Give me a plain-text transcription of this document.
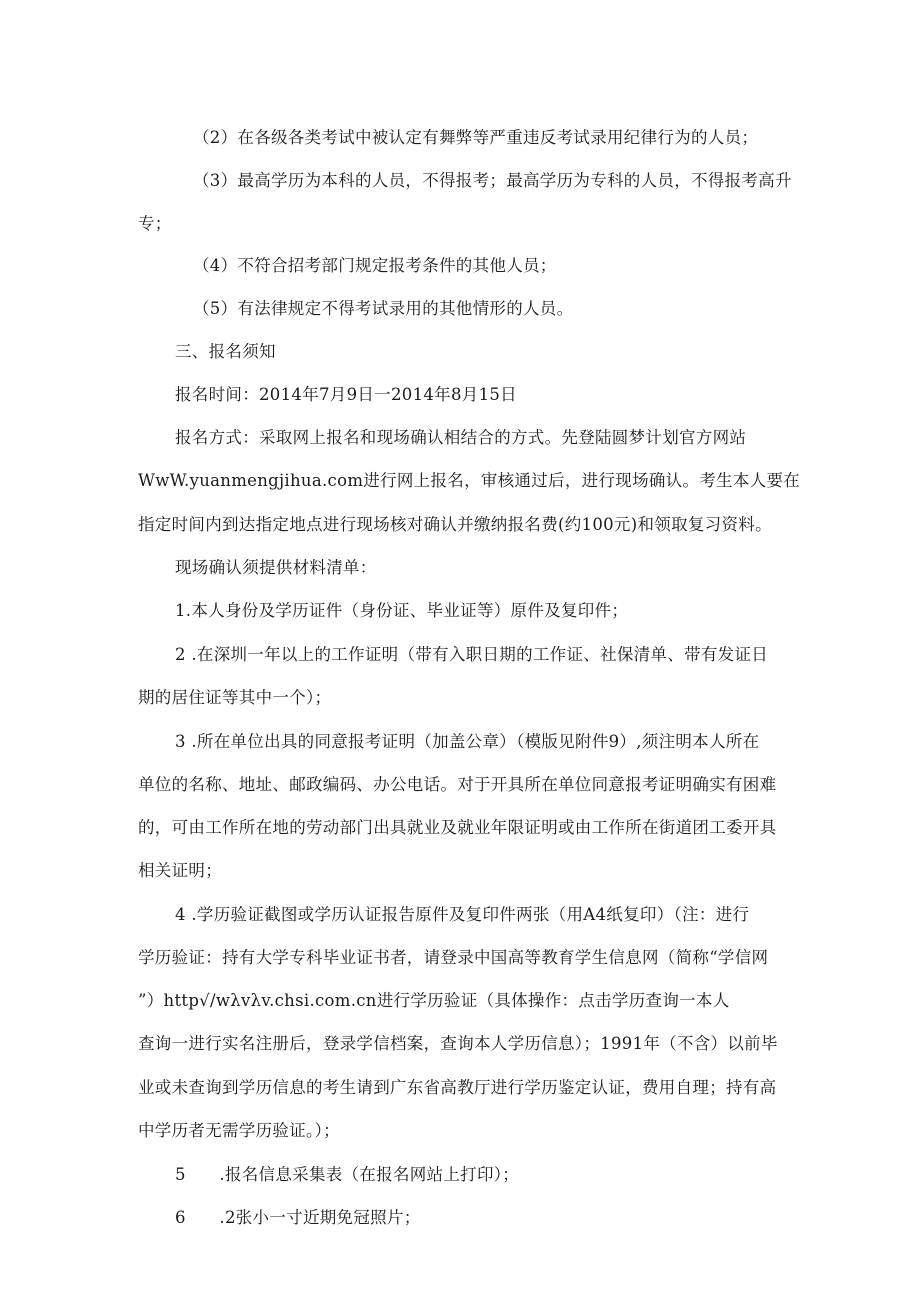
（2）在各级各类考试中被认定有舞弊等严重违反考试录用纪律行为的人员；
（3）最高学历为本科的人员，不得报考；最高学历为专科的人员，不得报考高升
专；
（4）不符合招考部门规定报考条件的其他人员；
（5）有法律规定不得考试录用的其他情形的人员。
三、报名须知
报名时间：2014年7月9日一2014年8月15日
报名方式：采取网上报名和现场确认相结合的方式。先登陆圆梦计划官方网站
WwW.yuanmengjihua.com进行网上报名，审核通过后，进行现场确认。考生本人要在
指定时间内到达指定地点进行现场核对确认并缴纳报名费(约100元)和领取复习资料。
现场确认须提供材料清单：
1.本人身份及学历证件（身份证、毕业证等）原件及复印件；
2 .在深圳一年以上的工作证明（带有入职日期的工作证、社保清单、带有发证日
期的居住证等其中一个）；
3 .所在单位出具的同意报考证明（加盖公章）（模版见附件9）,须注明本人所在
单位的名称、地址、邮政编码、办公电话。对于开具所在单位同意报考证明确实有困难
的，可由工作所在地的劳动部门出具就业及就业年限证明或由工作所在街道团工委开具
相关证明；
4 .学历验证截图或学历认证报告原件及复印件两张（用A4纸复印）（注：进行
学历验证：持有大学专科毕业证书者，请登录中国高等教育学生信息网（简称“学信网
”）http√/wλvλv.chsi.com.cn进行学历验证（具体操作：点击学历查询一本人
查询一进行实名注册后，登录学信档案，查询本人学历信息）；1991年（不含）以前毕
业或未查询到学历信息的考生请到广东省高教厅进行学历鉴定认证，费用自理；持有高
中学历者无需学历验证。）；
5　　.报名信息采集表（在报名网站上打印）；
6　　.2张小一寸近期免冠照片；
